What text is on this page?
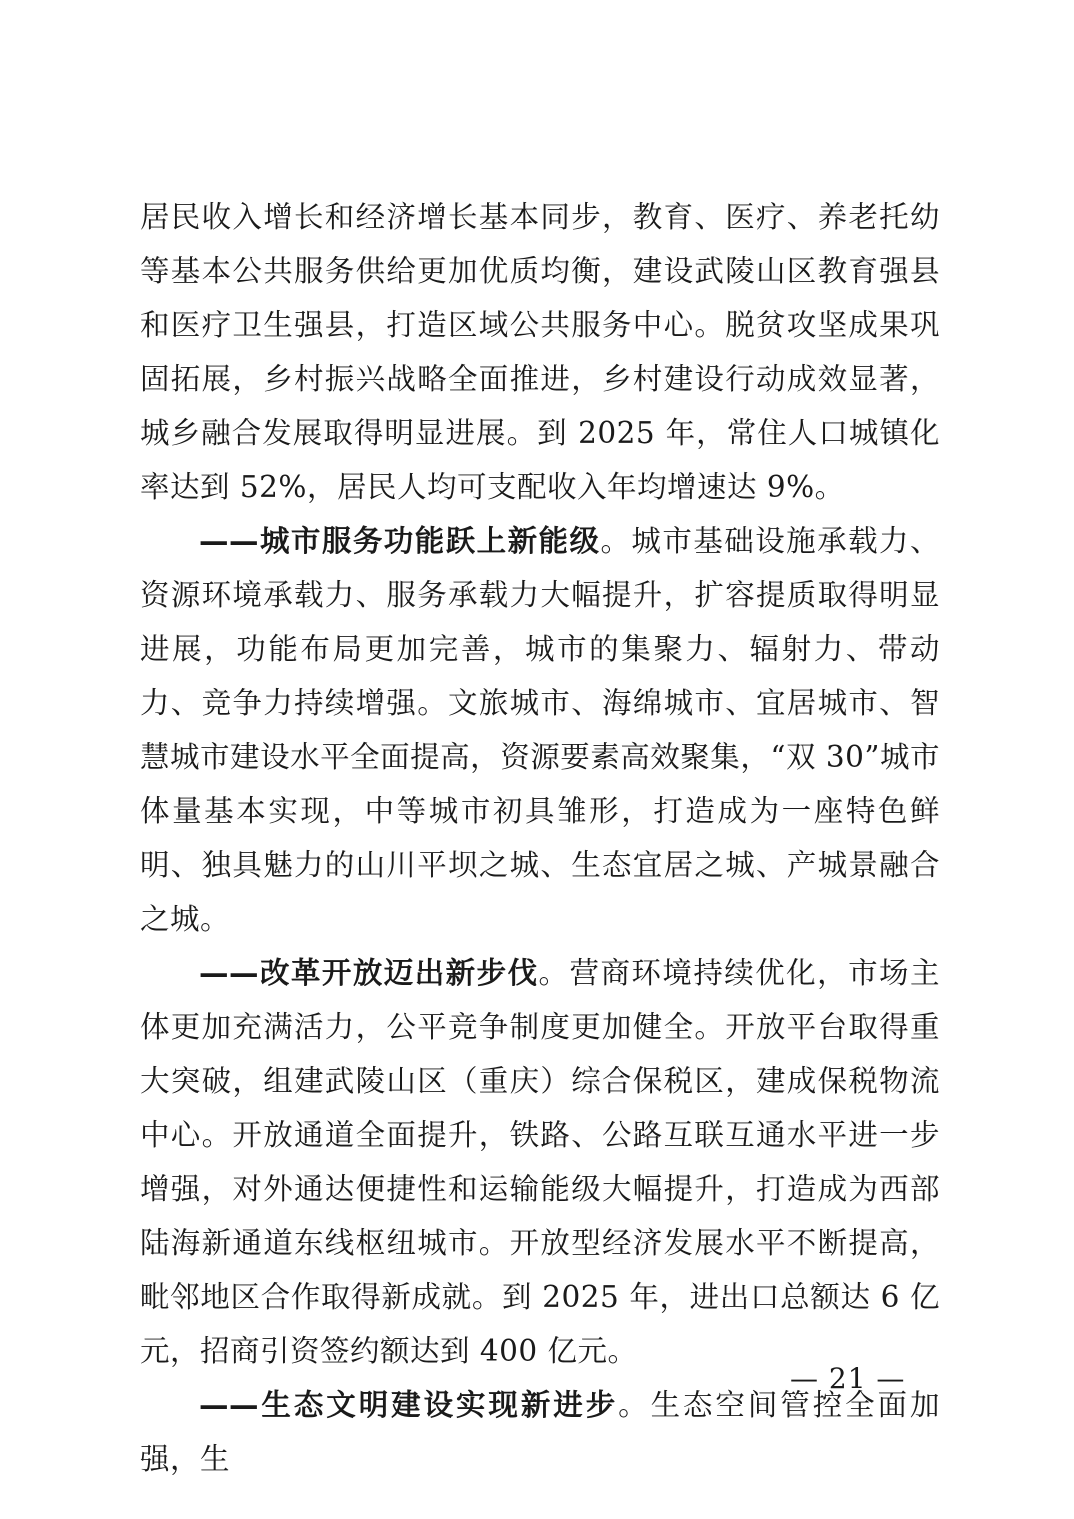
居民收入增长和经济增长基本同步，教育、医疗、养老托幼等基本公共服务供给更加优质均衡，建设武陵山区教育强县和医疗卫生强县，打造区域公共服务中心。脱贫攻坚成果巩固拓展，乡村振兴战略全面推进，乡村建设行动成效显著，城乡融合发展取得明显进展。到 2025 年，常住人口城镇化率达到 52%，居民人均可支配收入年均增速达 9%。

——城市服务功能跃上新能级。城市基础设施承载力、资源环境承载力、服务承载力大幅提升，扩容提质取得明显进展，功能布局更加完善，城市的集聚力、辐射力、带动力、竞争力持续增强。文旅城市、海绵城市、宜居城市、智慧城市建设水平全面提高，资源要素高效聚集，“双 30”城市体量基本实现，中等城市初具雏形，打造成为一座特色鲜明、独具魅力的山川平坝之城、生态宜居之城、产城景融合之城。

——改革开放迈出新步伐。营商环境持续优化，市场主体更加充满活力，公平竞争制度更加健全。开放平台取得重大突破，组建武陵山区（重庆）综合保税区，建成保税物流中心。开放通道全面提升，铁路、公路互联互通水平进一步增强，对外通达便捷性和运输能级大幅提升，打造成为西部陆海新通道东线枢纽城市。开放型经济发展水平不断提高，毗邻地区合作取得新成就。到 2025 年，进出口总额达 6 亿元，招商引资签约额达到 400 亿元。

——生态文明建设实现新进步。生态空间管控全面加强，生

— 21 —
